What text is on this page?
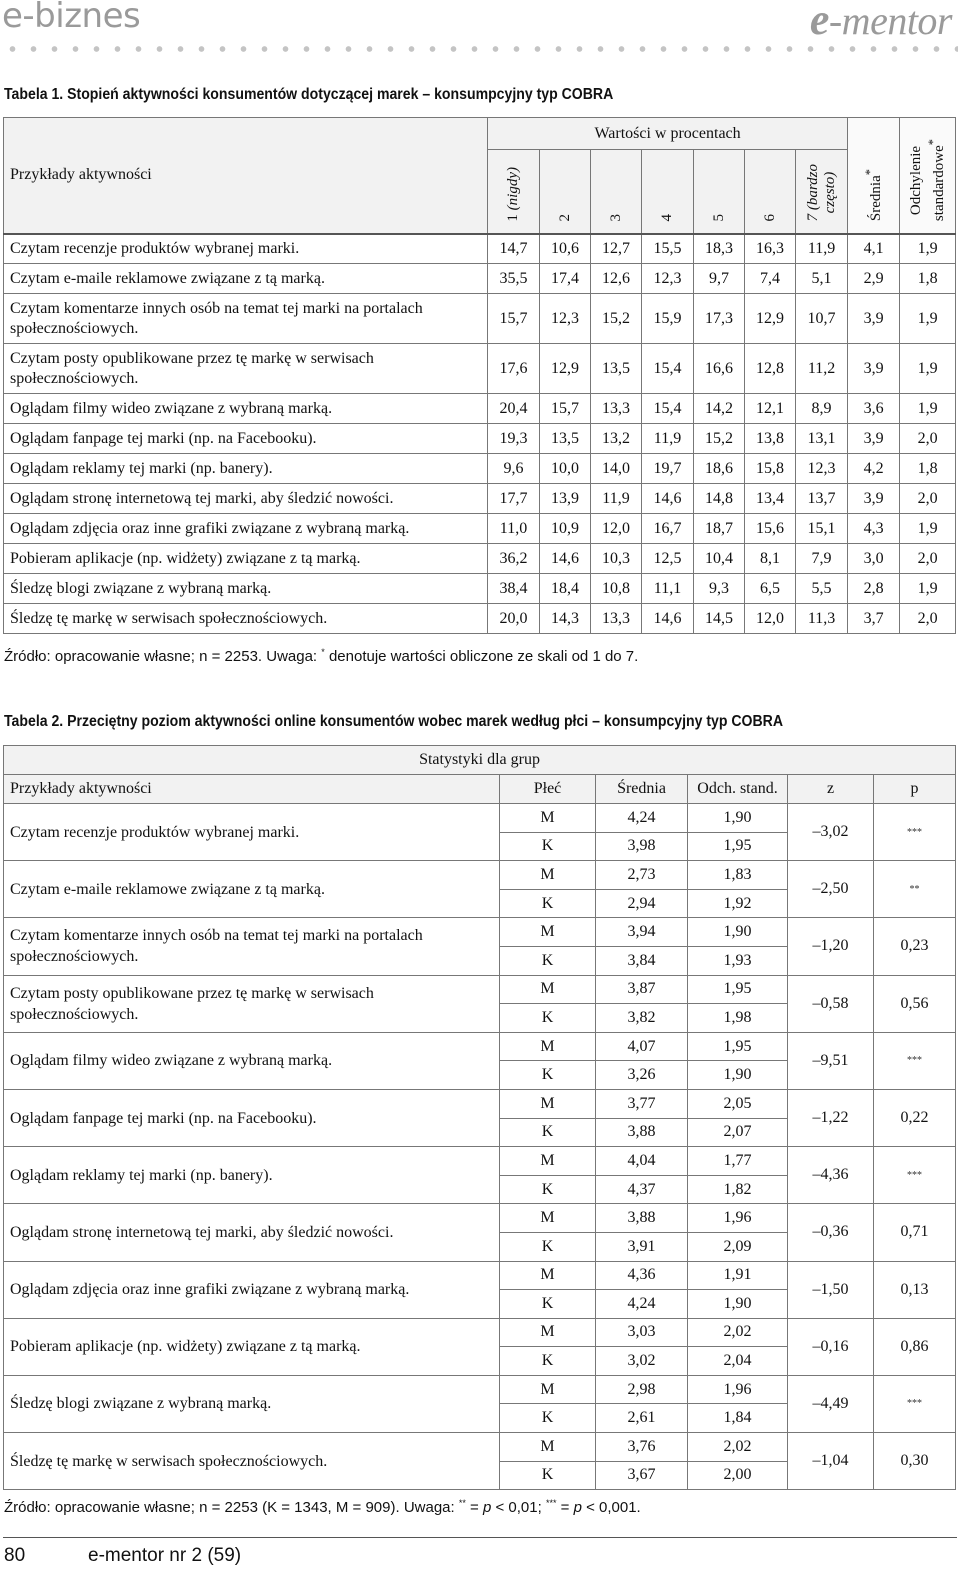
e-biznes	e-mentor
Tabela 1. Stopień aktywności konsumentów dotyczącej marek – konsumpcyjny typ COBRA
Przykłady aktywności	Wartości w procentach							Średnia*	Odchylenie standardowe*
	1 (nigdy)	2	3	4	5	6	7 (bardzo
często)		
Czytam recenzje produktów wybranej marki.	14,7	10,6	12,7	15,5	18,3	16,3	11,9	4,1	1,9
Czytam e-maile reklamowe związane z tą marką.	35,5	17,4	12,6	12,3	9,7	7,4	5,1	2,9	1,8
Czytam komentarze innych osób na temat tej marki na portalach społecznościowych.	15,7	12,3	15,2	15,9	17,3	12,9	10,7	3,9	1,9
Czytam posty opublikowane przez tę markę w serwisach społecznościowych.	17,6	12,9	13,5	15,4	16,6	12,8	11,2	3,9	1,9
Oglądam filmy wideo związane z wybraną marką.	20,4	15,7	13,3	15,4	14,2	12,1	8,9	3,6	1,9
Oglądam fanpage tej marki (np. na Facebooku).	19,3	13,5	13,2	11,9	15,2	13,8	13,1	3,9	2,0
Oglądam reklamy tej marki (np. banery).	9,6	10,0	14,0	19,7	18,6	15,8	12,3	4,2	1,8
Oglądam stronę internetową tej marki, aby śledzić nowości.	17,7	13,9	11,9	14,6	14,8	13,4	13,7	3,9	2,0
Oglądam zdjęcia oraz inne grafiki związane z wybraną marką.	11,0	10,9	12,0	16,7	18,7	15,6	15,1	4,3	1,9
Pobieram aplikacje (np. widżety) związane z tą marką.	36,2	14,6	10,3	12,5	10,4	8,1	7,9	3,0	2,0
Śledzę blogi związane z wybraną marką.	38,4	18,4	10,8	11,1	9,3	6,5	5,5	2,8	1,9
Śledzę tę markę w serwisach społecznościowych.	20,0	14,3	13,3	14,6	14,5	12,0	11,3	3,7	2,0
Źródło: opracowanie własne; n = 2253. Uwaga: * denotuje wartości obliczone ze skali od 1 do 7.
Tabela 2. Przeciętny poziom aktywności online konsumentów wobec marek według płci – konsumpcyjny typ COBRA
Statystyki dla grup					
Przykłady aktywności	Płeć	Średnia	Odch. stand.	z	p
Czytam recenzje produktów wybranej marki.	M	4,24	1,90	–3,02	***
	K	3,98	1,95		
Czytam e-maile reklamowe związane z tą marką.	M	2,73	1,83	–2,50	**
	K	2,94	1,92		
Czytam komentarze innych osób na temat tej marki na portalach społecznościowych.	M	3,94	1,90	–1,20	0,23
	K	3,84	1,93		
Czytam posty opublikowane przez tę markę w serwisach społecznościowych.	M	3,87	1,95	–0,58	0,56
	K	3,82	1,98		
Oglądam filmy wideo związane z wybraną marką.	M	4,07	1,95	–9,51	***
	K	3,26	1,90		
Oglądam fanpage tej marki (np. na Facebooku).	M	3,77	2,05	–1,22	0,22
	K	3,88	2,07		
Oglądam reklamy tej marki (np. banery).	M	4,04	1,77	–4,36	***
	K	4,37	1,82		
Oglądam stronę internetową tej marki, aby śledzić nowości.	M	3,88	1,96	–0,36	0,71
	K	3,91	2,09		
Oglądam zdjęcia oraz inne grafiki związane z wybraną marką.	M	4,36	1,91	–1,50	0,13
	K	4,24	1,90		
Pobieram aplikacje (np. widżety) związane z tą marką.	M	3,03	2,02	–0,16	0,86
	K	3,02	2,04		
Śledzę blogi związane z wybraną marką.	M	2,98	1,96	–4,49	***
	K	2,61	1,84		
Śledzę tę markę w serwisach społecznościowych.	M	3,76	2,02	–1,04	0,30
	K	3,67	2,00		
Źródło: opracowanie własne; n = 2253 (K = 1343, M = 909). Uwaga: ** = p < 0,01; *** = p < 0,001.
80	e-mentor nr 2 (59)
